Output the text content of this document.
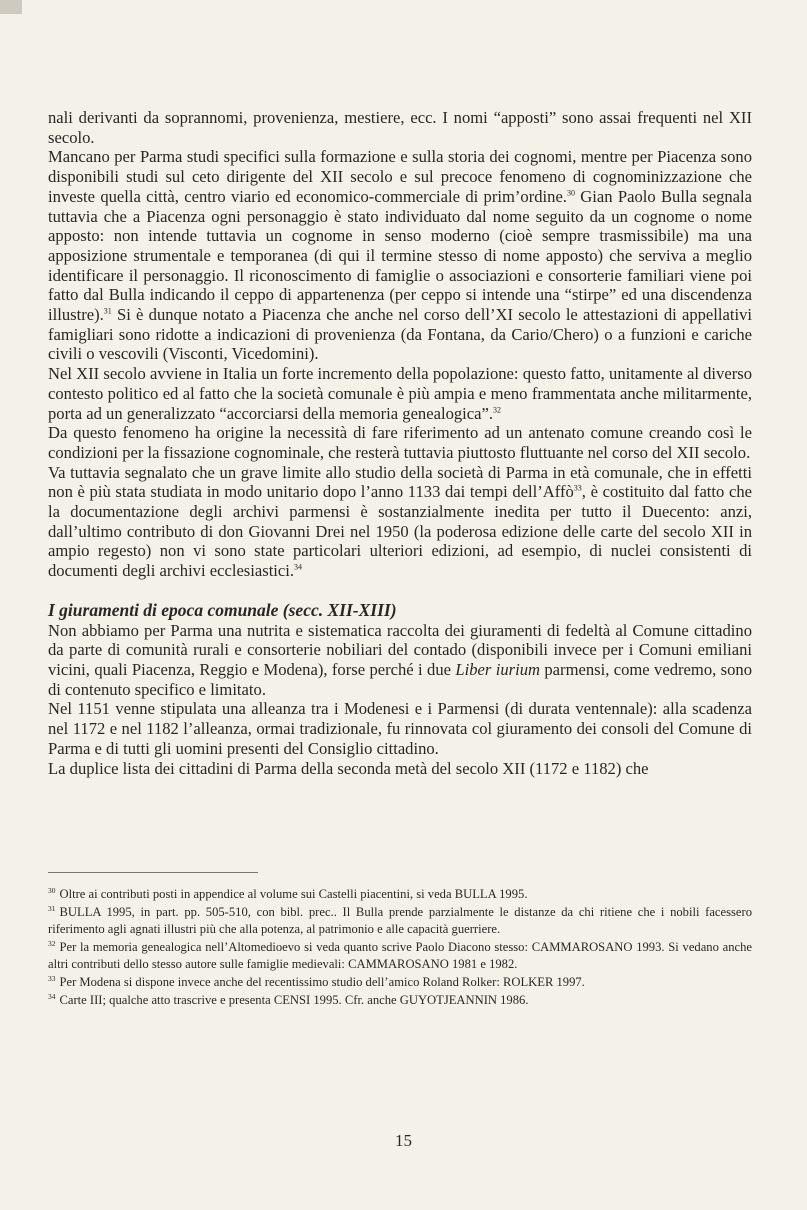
nali derivanti da soprannomi, provenienza, mestiere, ecc. I nomi “apposti” sono assai frequenti nel XII secolo.

Mancano per Parma studi specifici sulla formazione e sulla storia dei cognomi, mentre per Piacenza sono disponibili studi sul ceto dirigente del XII secolo e sul precoce fenomeno di cognominizzazione che investe quella città, centro viario ed economico-commerciale di prim’ordine.$^{30}$ Gian Paolo Bulla segnala tuttavia che a Piacenza ogni personaggio è stato individuato dal nome seguito da un cognome o nome apposto: non intende tuttavia un cognome in senso moderno (cioè sempre trasmissibile) ma una apposizione strumentale e temporanea (di qui il termine stesso di nome apposto) che serviva a meglio identificare il personaggio. Il riconoscimento di famiglie o associazioni e consorterie familiari viene poi fatto dal Bulla indicando il ceppo di appartenenza (per ceppo si intende una “stirpe” ed una discendenza illustre).$^{31}$ Si è dunque notato a Piacenza che anche nel corso dell’XI secolo le attestazioni di appellativi famigliari sono ridotte a indicazioni di provenienza (da Fontana, da Cario/Chero) o a funzioni e cariche civili o vescovili (Visconti, Vicedomini).

Nel XII secolo avviene in Italia un forte incremento della popolazione: questo fatto, unitamente al diverso contesto politico ed al fatto che la società comunale è più ampia e meno frammentata anche militarmente, porta ad un generalizzato “accorciarsi della memoria genealogica”.$^{32}$

Da questo fenomeno ha origine la necessità di fare riferimento ad un antenato comune creando così le condizioni per la fissazione cognominale, che resterà tuttavia piuttosto fluttuante nel corso del XII secolo.

Va tuttavia segnalato che un grave limite allo studio della società di Parma in età comunale, che in effetti non è più stata studiata in modo unitario dopo l’anno 1133 dai tempi dell’Affò$^{33}$, è costituito dal fatto che la documentazione degli archivi parmensi è sostanzialmente inedita per tutto il Duecento: anzi, dall’ultimo contributo di don Giovanni Drei nel 1950 (la poderosa edizione delle carte del secolo XII in ampio regesto) non vi sono state particolari ulteriori edizioni, ad esempio, di nuclei consistenti di documenti degli archivi ecclesiastici.$^{34}$

I giuramenti di epoca comunale (secc. XII-XIII)

Non abbiamo per Parma una nutrita e sistematica raccolta dei giuramenti di fedeltà al Comune cittadino da parte di comunità rurali e consorterie nobiliari del contado (disponibili invece per i Comuni emiliani vicini, quali Piacenza, Reggio e Modena), forse perché i due Liber iurium parmensi, come vedremo, sono di contenuto specifico e limitato.

Nel 1151 venne stipulata una alleanza tra i Modenesi e i Parmensi (di durata ventennale): alla scadenza nel 1172 e nel 1182 l’alleanza, ormai tradizionale, fu rinnovata col giuramento dei consoli del Comune di Parma e di tutti gli uomini presenti del Consiglio cittadino.

La duplice lista dei cittadini di Parma della seconda metà del secolo XII (1172 e 1182) che

$^{30}$ Oltre ai contributi posti in appendice al volume sui Castelli piacentini, si veda BULLA 1995.

$^{31}$ BULLA 1995, in part. pp. 505-510, con bibl. prec.. Il Bulla prende parzialmente le distanze da chi ritiene che i nobili facessero riferimento agli agnati illustri più che alla potenza, al patrimonio e alle capacità guerriere.

$^{32}$ Per la memoria genealogica nell’Altomedioevo si veda quanto scrive Paolo Diacono stesso: CAMMAROSANO 1993. Si vedano anche altri contributi dello stesso autore sulle famiglie medievali: CAMMAROSANO 1981 e 1982.

$^{33}$ Per Modena si dispone invece anche del recentissimo studio dell’amico Roland Rolker: ROLKER 1997.

$^{34}$ Carte III; qualche atto trascrive e presenta CENSI 1995. Cfr. anche GUYOTJEANNIN 1986.

15
